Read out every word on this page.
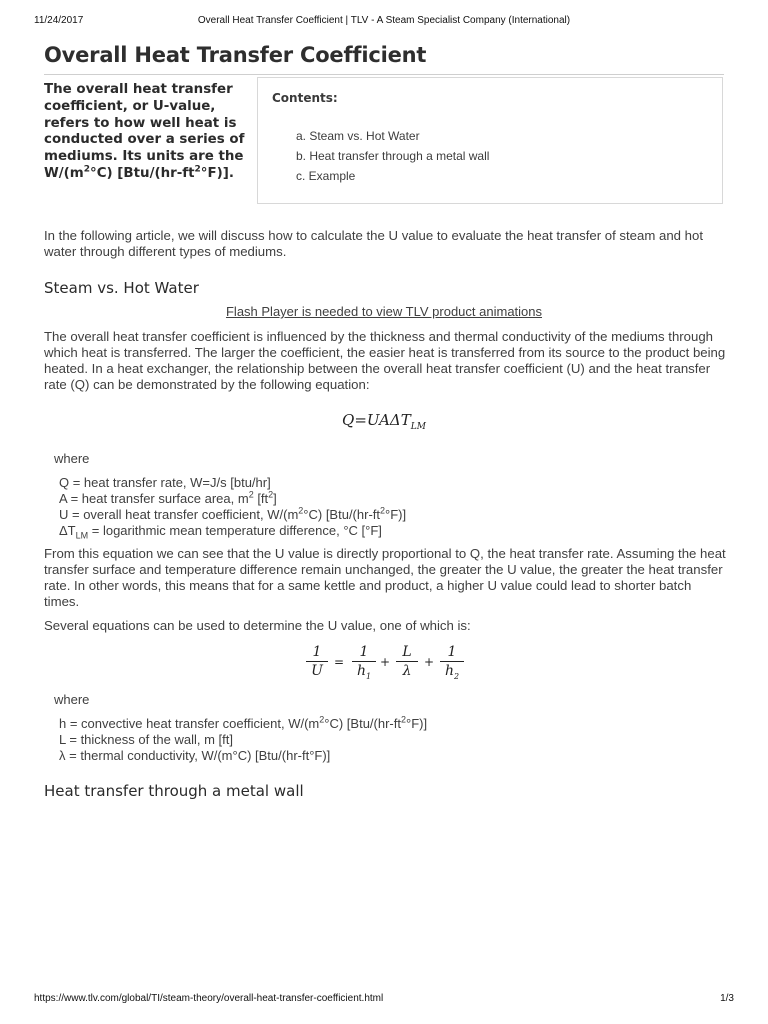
11/24/2017	Overall Heat Transfer Coefficient | TLV - A Steam Specialist Company (International)
Overall Heat Transfer Coefficient

The overall heat transfer coefficient, or U-value, refers to how well heat is conducted over a series of mediums. Its units are the $W/(m^2^\circ C)$ $[Btu/(hr-ft^2^\circ F)]$.

Contents:
a. Steam vs. Hot Water
b. Heat transfer through a metal wall
c. Example

In the following article, we will discuss how to calculate the U value to evaluate the heat transfer of steam and hot water through different types of mediums.

Steam vs. Hot Water
Flash Player is needed to view TLV product animations

The overall heat transfer coefficient is influenced by the thickness and thermal conductivity of the mediums through which heat is transferred. The larger the coefficient, the easier heat is transferred from its source to the product being heated. In a heat exchanger, the relationship between the overall heat transfer coefficient (U) and the heat transfer rate (Q) can be demonstrated by the following equation:

$Q=UA\Delta T_{LM}$

where

Q = heat transfer rate, W=J/s [btu/hr]
A = heat transfer surface area, $m^2$ $[ft^2]$
U = overall heat transfer coefficient, $W/(m^2^\circ C)$ $[Btu/(hr-ft^2^\circ F)]$
$\Delta T_{LM}$ = logarithmic mean temperature difference, °C [°F]

From this equation we can see that the U value is directly proportional to Q, the heat transfer rate. Assuming the heat transfer surface and temperature difference remain unchanged, the greater the U value, the greater the heat transfer rate. In other words, this means that for a same kettle and product, a higher U value could lead to shorter batch times.

Several equations can be used to determine the U value, one of which is:

1
U
=
1
$h_1$
+
L
λ
+
1
$h_2$

where

h = convective heat transfer coefficient, $W/(m^2^\circ C)$ $[Btu/(hr-ft^2^\circ F)]$
L = thickness of the wall, m [ft]
λ = thermal conductivity, W/(m°C) [Btu/(hr-ft°F)]
Heat transfer through a metal wall
https://www.tlv.com/global/TI/steam-theory/overall-heat-transfer-coefficient.html	1/3
